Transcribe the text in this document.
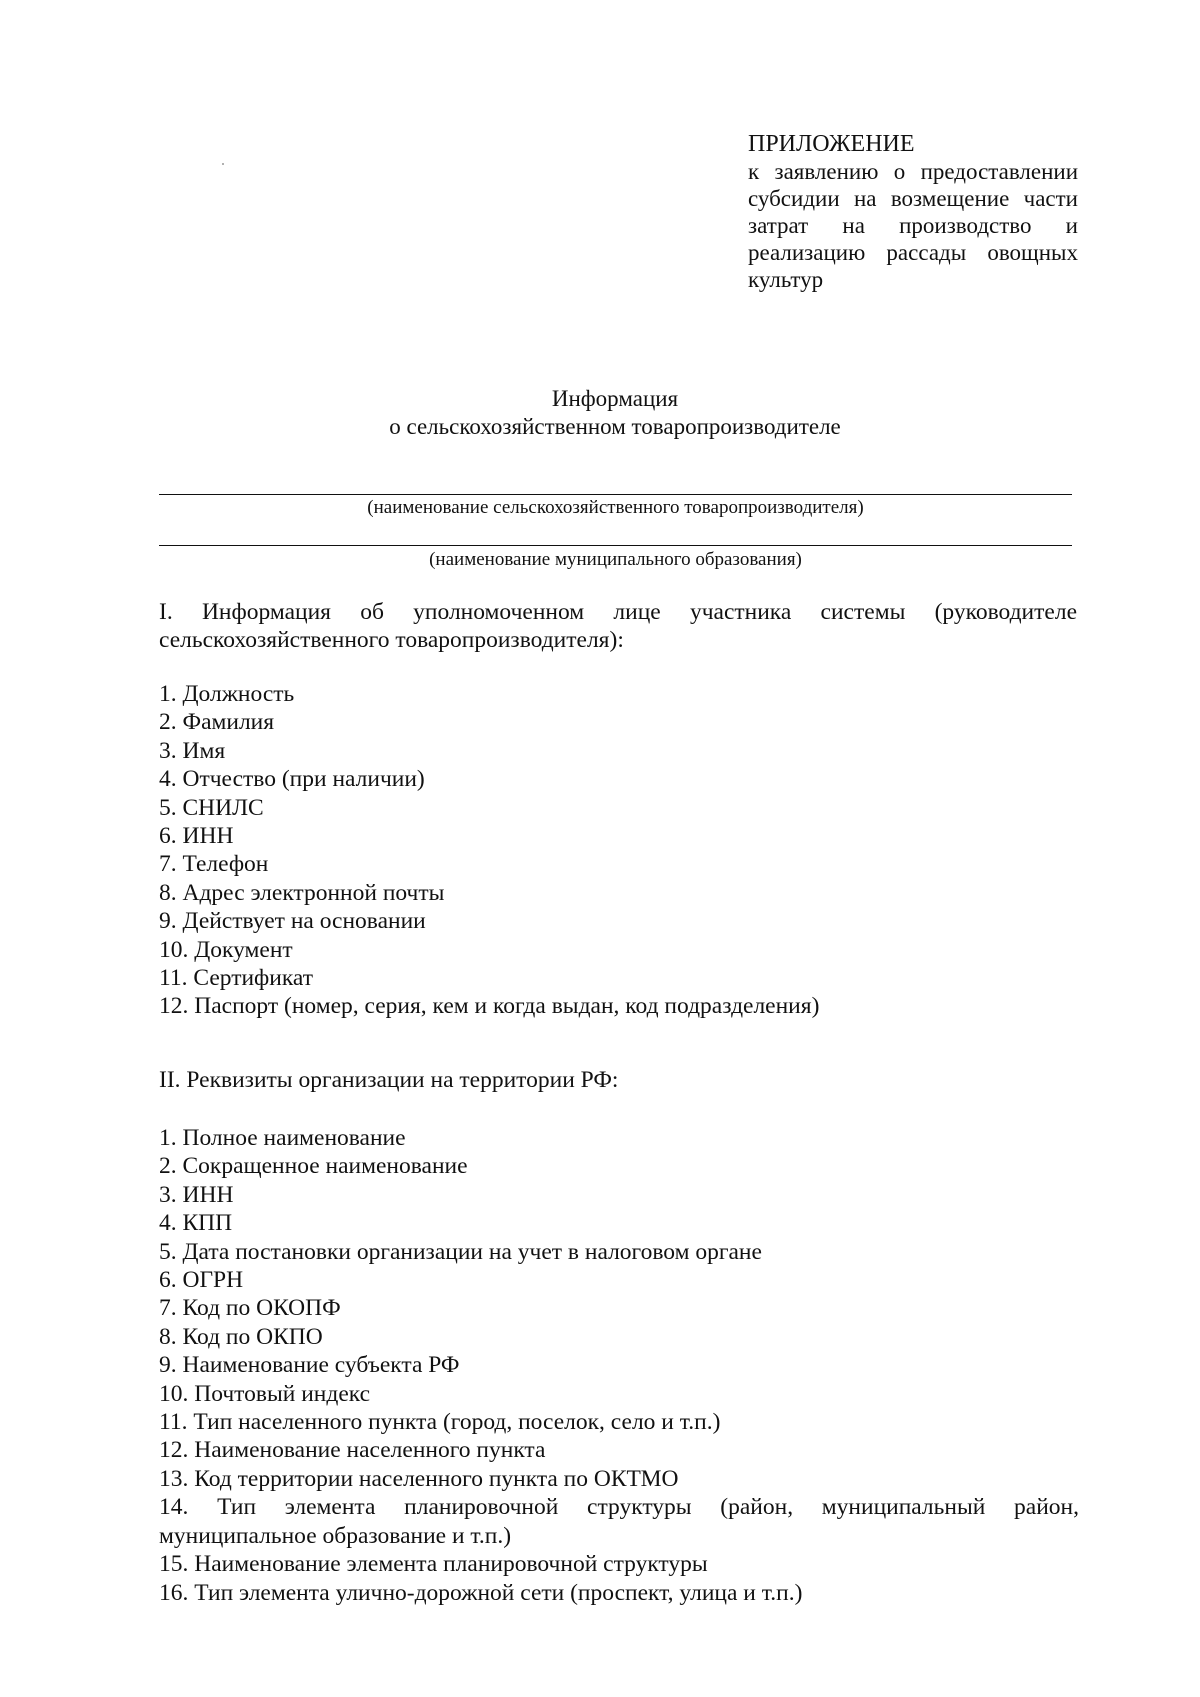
ПРИЛОЖЕНИЕ
к заявлению о предоставлении субсидии на возмещение части затрат на производство и реализацию рассады овощных культур
Информация
о сельскохозяйственном товаропроизводителе
(наименование сельскохозяйственного товаропроизводителя)
(наименование муниципального образования)
I. Информация об уполномоченном лице участника системы (руководителе сельскохозяйственного товаропроизводителя):
1. Должность
2. Фамилия
3. Имя
4. Отчество (при наличии)
5. СНИЛС
6. ИНН
7. Телефон
8. Адрес электронной почты
9. Действует на основании
10. Документ
11. Сертификат
12. Паспорт (номер, серия, кем и когда выдан, код подразделения)
II. Реквизиты организации на территории РФ:
1. Полное наименование
2. Сокращенное наименование
3. ИНН
4. КПП
5. Дата постановки организации на учет в налоговом органе
6. ОГРН
7. Код по ОКОПФ
8. Код по ОКПО
9. Наименование субъекта РФ
10. Почтовый индекс
11. Тип населенного пункта (город, поселок, село и т.п.)
12. Наименование населенного пункта
13. Код территории населенного пункта по ОКТМО
14. Тип элемента планировочной структуры (район, муниципальный район, муниципальное образование и т.п.)
15. Наименование элемента планировочной структуры
16. Тип элемента улично-дорожной сети (проспект, улица и т.п.)
